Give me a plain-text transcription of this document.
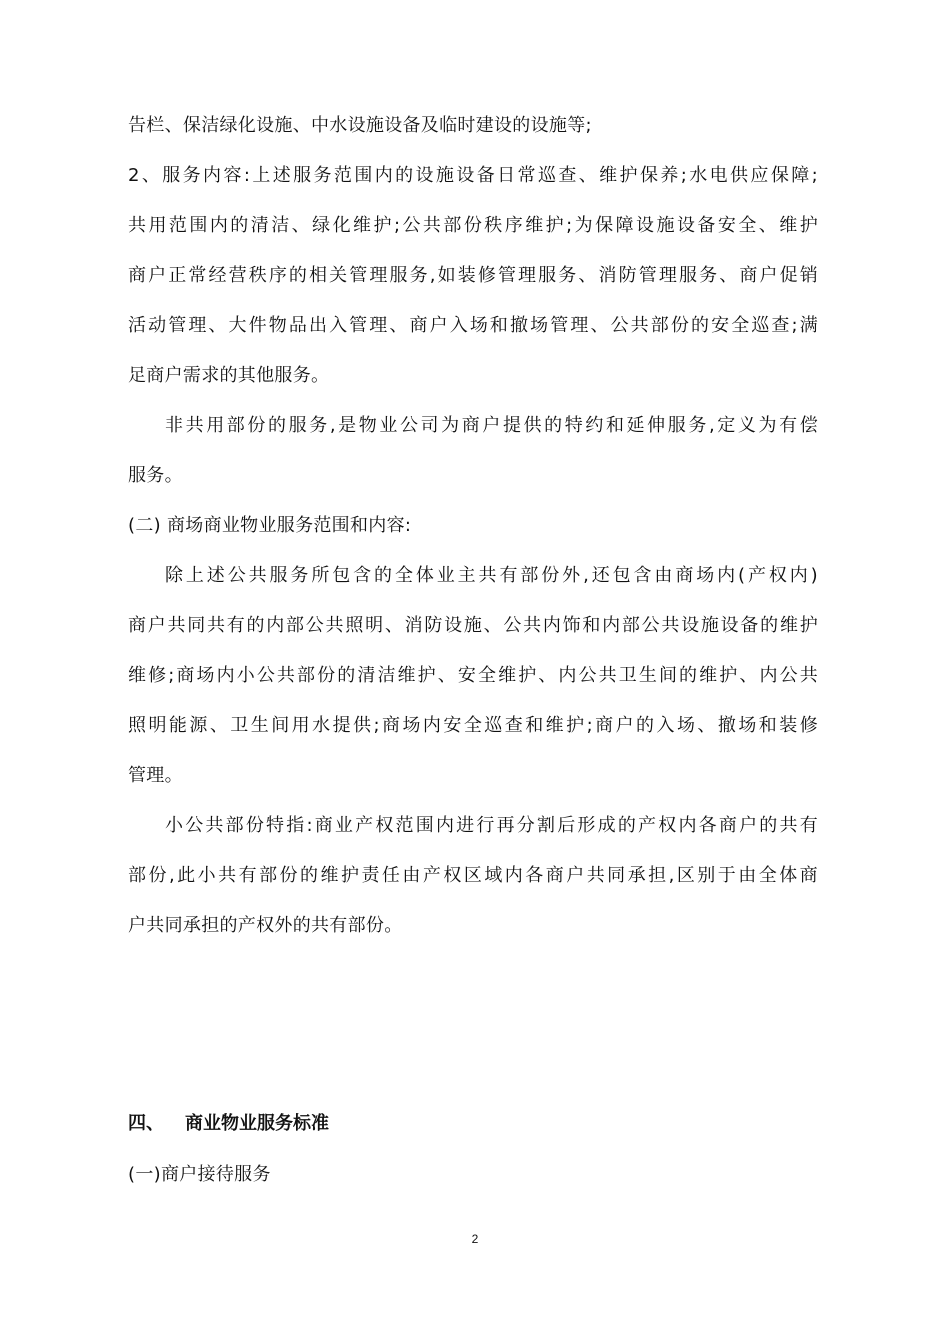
告栏、保洁绿化设施、中水设施设备及临时建设的设施等;
2、服务内容:上述服务范围内的设施设备日常巡查、维护保养;水电供应保障;
共用范围内的清洁、绿化维护;公共部份秩序维护;为保障设施设备安全、维护
商户正常经营秩序的相关管理服务,如装修管理服务、消防管理服务、商户促销
活动管理、大件物品出入管理、商户入场和撤场管理、公共部份的安全巡查;满
足商户需求的其他服务。
非共用部份的服务,是物业公司为商户提供的特约和延伸服务,定义为有偿
服务。
(二) 商场商业物业服务范围和内容:
除上述公共服务所包含的全体业主共有部份外,还包含由商场内(产权内)
商户共同共有的内部公共照明、消防设施、公共内饰和内部公共设施设备的维护
维修;商场内小公共部份的清洁维护、安全维护、内公共卫生间的维护、内公共
照明能源、卫生间用水提供;商场内安全巡查和维护;商户的入场、撤场和装修
管理。
小公共部份特指:商业产权范围内进行再分割后形成的产权内各商户的共有
部份,此小共有部份的维护责任由产权区域内各商户共同承担,区别于由全体商
户共同承担的产权外的共有部份。
四、 商业物业服务标准
(一)商户接待服务
2
